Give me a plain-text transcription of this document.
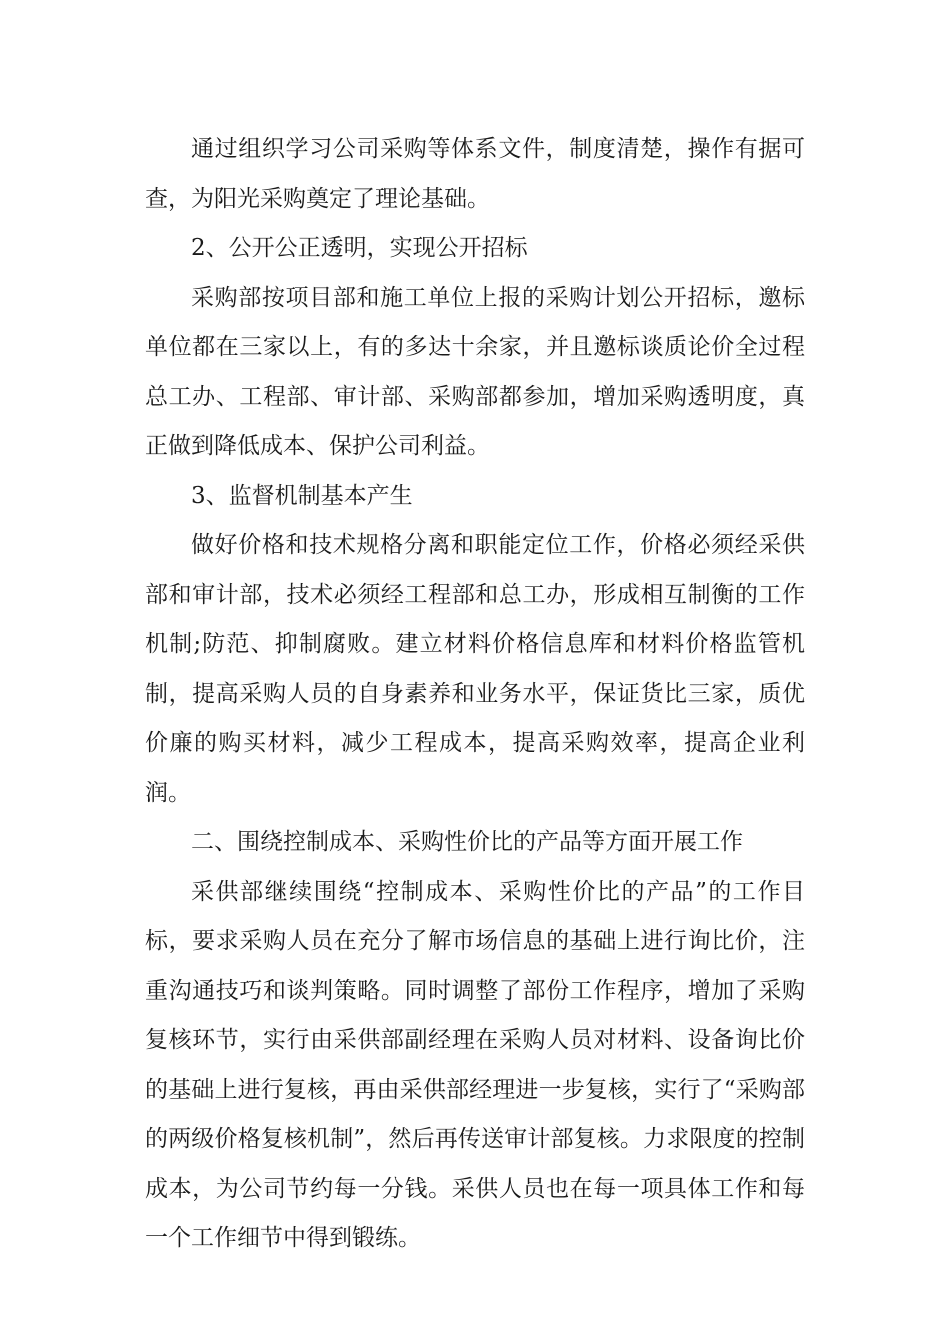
通过组织学习公司采购等体系文件，制度清楚，操作有据可查，为阳光采购奠定了理论基础。

2、公开公正透明，实现公开招标

采购部按项目部和施工单位上报的采购计划公开招标，邀标单位都在三家以上，有的多达十余家，并且邀标谈质论价全过程总工办、工程部、审计部、采购部都参加，增加采购透明度，真正做到降低成本、保护公司利益。

3、监督机制基本产生

做好价格和技术规格分离和职能定位工作，价格必须经采供部和审计部，技术必须经工程部和总工办，形成相互制衡的工作机制;防范、抑制腐败。建立材料价格信息库和材料价格监管机制，提高采购人员的自身素养和业务水平，保证货比三家，质优价廉的购买材料，减少工程成本，提高采购效率，提高企业利润。

二、围绕控制成本、采购性价比的产品等方面开展工作

采供部继续围绕“控制成本、采购性价比的产品”的工作目标，要求采购人员在充分了解市场信息的基础上进行询比价，注重沟通技巧和谈判策略。同时调整了部份工作程序，增加了采购复核环节，实行由采供部副经理在采购人员对材料、设备询比价的基础上进行复核，再由采供部经理进一步复核，实行了“采购部的两级价格复核机制”，然后再传送审计部复核。力求限度的控制成本，为公司节约每一分钱。采供人员也在每一项具体工作和每一个工作细节中得到锻练。
